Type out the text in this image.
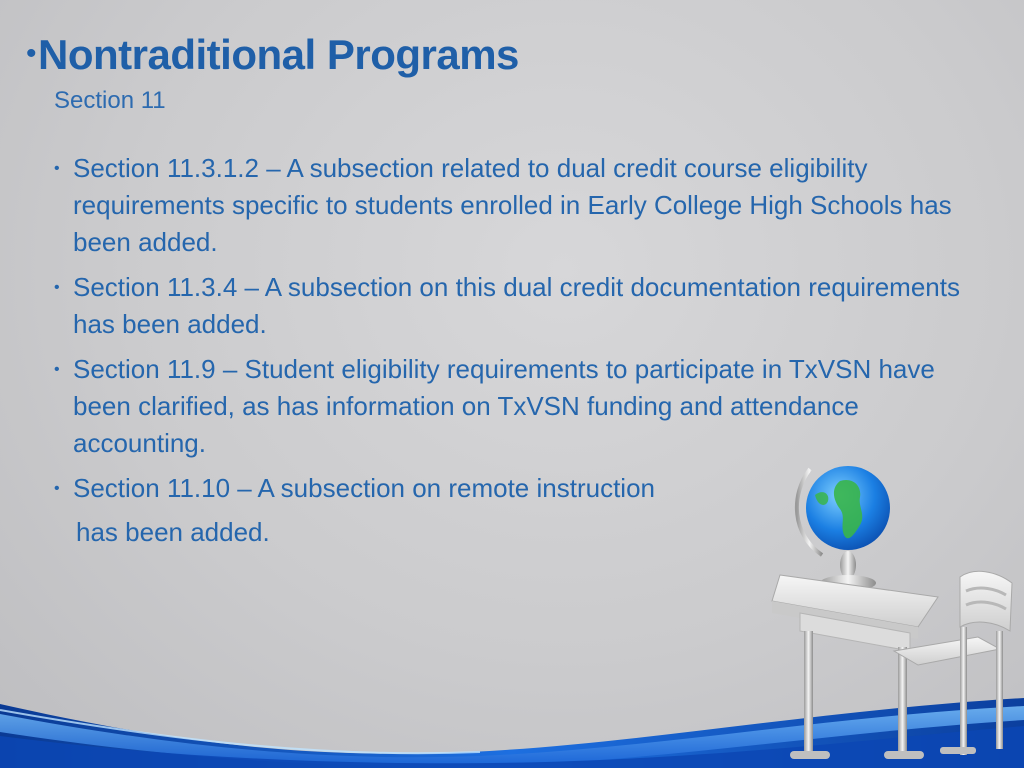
•Nontraditional Programs
Section 11
• Section 11.3.1.2 – A subsection related to dual credit course eligibility requirements specific to students enrolled in Early College High Schools has been added.
• Section 11.3.4 – A subsection on this dual credit documentation requirements has been added.
• Section 11.9 – Student eligibility requirements to participate in TxVSN have been clarified, as has information on TxVSN funding and attendance accounting.
• Section 11.10 – A subsection on remote instruction
has been added.
